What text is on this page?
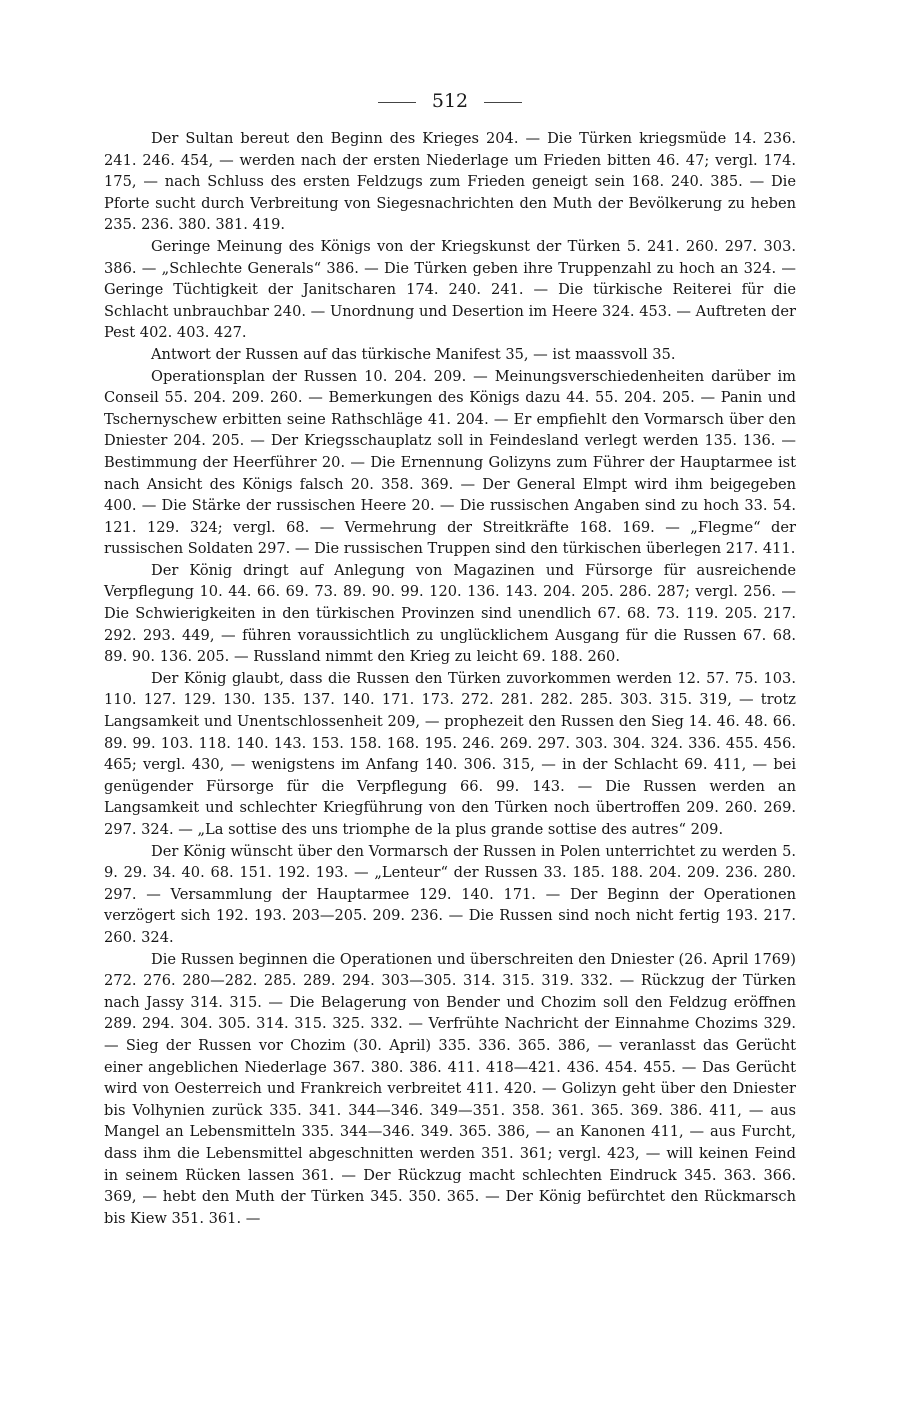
512

Der Sultan bereut den Beginn des Krieges 204. — Die Türken kriegsmüde 14. 236. 241. 246. 454, — werden nach der ersten Niederlage um Frieden bitten 46. 47; vergl. 174. 175, — nach Schluss des ersten Feldzugs zum Frieden geneigt sein 168. 240. 385. — Die Pforte sucht durch Verbreitung von Siegesnachrichten den Muth der Bevölkerung zu heben 235. 236. 380. 381. 419.

Geringe Meinung des Königs von der Kriegskunst der Türken 5. 241. 260. 297. 303. 386. — „Schlechte Generals“ 386. — Die Türken geben ihre Truppenzahl zu hoch an 324. — Geringe Tüchtigkeit der Janitscharen 174. 240. 241. — Die türkische Reiterei für die Schlacht unbrauchbar 240. — Unordnung und Desertion im Heere 324. 453. — Auftreten der Pest 402. 403. 427.

Antwort der Russen auf das türkische Manifest 35, — ist maassvoll 35.

Operationsplan der Russen 10. 204. 209. — Meinungsverschiedenheiten darüber im Conseil 55. 204. 209. 260. — Bemerkungen des Königs dazu 44. 55. 204. 205. — Panin und Tschernyschew erbitten seine Rathschläge 41. 204. — Er empfiehlt den Vormarsch über den Dniester 204. 205. — Der Kriegsschauplatz soll in Feindesland verlegt werden 135. 136. — Bestimmung der Heerführer 20. — Die Ernennung Golizyns zum Führer der Hauptarmee ist nach Ansicht des Königs falsch 20. 358. 369. — Der General Elmpt wird ihm beigegeben 400. — Die Stärke der russischen Heere 20. — Die russischen Angaben sind zu hoch 33. 54. 121. 129. 324; vergl. 68. — Vermehrung der Streitkräfte 168. 169. — „Flegme“ der russischen Soldaten 297. — Die russischen Truppen sind den türkischen überlegen 217. 411.

Der König dringt auf Anlegung von Magazinen und Fürsorge für ausreichende Verpflegung 10. 44. 66. 69. 73. 89. 90. 99. 120. 136. 143. 204. 205. 286. 287; vergl. 256. — Die Schwierigkeiten in den türkischen Provinzen sind unendlich 67. 68. 73. 119. 205. 217. 292. 293. 449, — führen voraussichtlich zu unglücklichem Ausgang für die Russen 67. 68. 89. 90. 136. 205. — Russland nimmt den Krieg zu leicht 69. 188. 260.

Der König glaubt, dass die Russen den Türken zuvorkommen werden 12. 57. 75. 103. 110. 127. 129. 130. 135. 137. 140. 171. 173. 272. 281. 282. 285. 303. 315. 319, — trotz Langsamkeit und Unentschlossenheit 209, — prophezeit den Russen den Sieg 14. 46. 48. 66. 89. 99. 103. 118. 140. 143. 153. 158. 168. 195. 246. 269. 297. 303. 304. 324. 336. 455. 456. 465; vergl. 430, — wenigstens im Anfang 140. 306. 315, — in der Schlacht 69. 411, — bei genügender Fürsorge für die Verpflegung 66. 99. 143. — Die Russen werden an Langsamkeit und schlechter Kriegführung von den Türken noch übertroffen 209. 260. 269. 297. 324. — „La sottise des uns triomphe de la plus grande sottise des autres“ 209.

Der König wünscht über den Vormarsch der Russen in Polen unterrichtet zu werden 5. 9. 29. 34. 40. 68. 151. 192. 193. — „Lenteur“ der Russen 33. 185. 188. 204. 209. 236. 280. 297. — Versammlung der Hauptarmee 129. 140. 171. — Der Beginn der Operationen verzögert sich 192. 193. 203—205. 209. 236. — Die Russen sind noch nicht fertig 193. 217. 260. 324.

Die Russen beginnen die Operationen und überschreiten den Dniester (26. April 1769) 272. 276. 280—282. 285. 289. 294. 303—305. 314. 315. 319. 332. — Rückzug der Türken nach Jassy 314. 315. — Die Belagerung von Bender und Chozim soll den Feldzug eröffnen 289. 294. 304. 305. 314. 315. 325. 332. — Verfrühte Nachricht der Einnahme Chozims 329. — Sieg der Russen vor Chozim (30. April) 335. 336. 365. 386, — veranlasst das Gerücht einer angeblichen Niederlage 367. 380. 386. 411. 418—421. 436. 454. 455. — Das Gerücht wird von Oesterreich und Frankreich verbreitet 411. 420. — Golizyn geht über den Dniester bis Volhynien zurück 335. 341. 344—346. 349—351. 358. 361. 365. 369. 386. 411, — aus Mangel an Lebensmitteln 335. 344—346. 349. 365. 386, — an Kanonen 411, — aus Furcht, dass ihm die Lebensmittel abgeschnitten werden 351. 361; vergl. 423, — will keinen Feind in seinem Rücken lassen 361. — Der Rückzug macht schlechten Eindruck 345. 363. 366. 369, — hebt den Muth der Türken 345. 350. 365. — Der König befürchtet den Rückmarsch bis Kiew 351. 361. —
